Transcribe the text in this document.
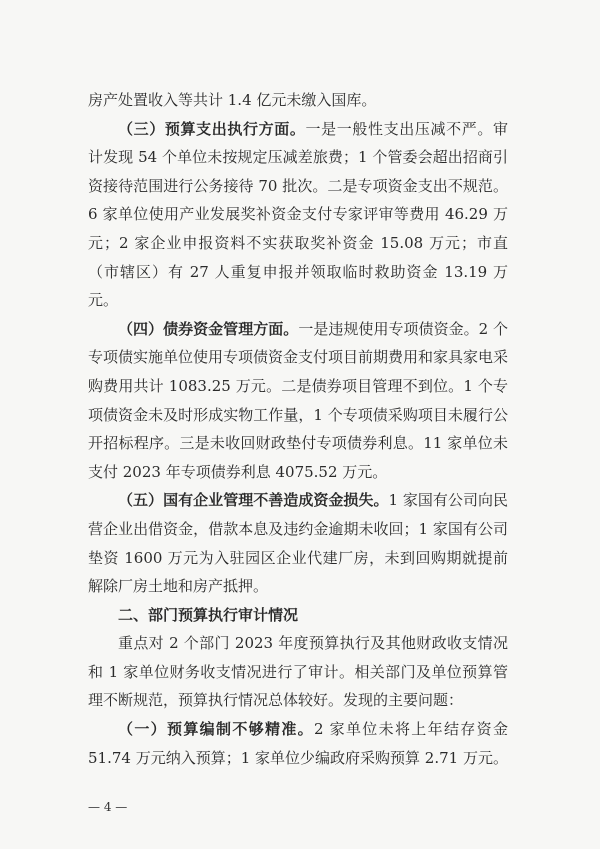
房产处置收入等共计 1.4 亿元未缴入国库。

（三）预算支出执行方面。一是一般性支出压减不严。审计发现 54 个单位未按规定压减差旅费；1 个管委会超出招商引资接待范围进行公务接待 70 批次。二是专项资金支出不规范。6 家单位使用产业发展奖补资金支付专家评审等费用 46.29 万元；2 家企业申报资料不实获取奖补资金 15.08 万元；市直（市辖区）有 27 人重复申报并领取临时救助资金 13.19 万元。

（四）债券资金管理方面。一是违规使用专项债资金。2 个专项债实施单位使用专项债资金支付项目前期费用和家具家电采购费用共计 1083.25 万元。二是债券项目管理不到位。1 个专项债资金未及时形成实物工作量，1 个专项债采购项目未履行公开招标程序。三是未收回财政垫付专项债券利息。11 家单位未支付 2023 年专项债券利息 4075.52 万元。

（五）国有企业管理不善造成资金损失。1 家国有公司向民营企业出借资金，借款本息及违约金逾期未收回；1 家国有公司垫资 1600 万元为入驻园区企业代建厂房，未到回购期就提前解除厂房土地和房产抵押。

二、部门预算执行审计情况

重点对 2 个部门 2023 年度预算执行及其他财政收支情况和 1 家单位财务收支情况进行了审计。相关部门及单位预算管理不断规范，预算执行情况总体较好。发现的主要问题：

（一）预算编制不够精准。2 家单位未将上年结存资金 51.74 万元纳入预算；1 家单位少编政府采购预算 2.71 万元。

— 4 —
